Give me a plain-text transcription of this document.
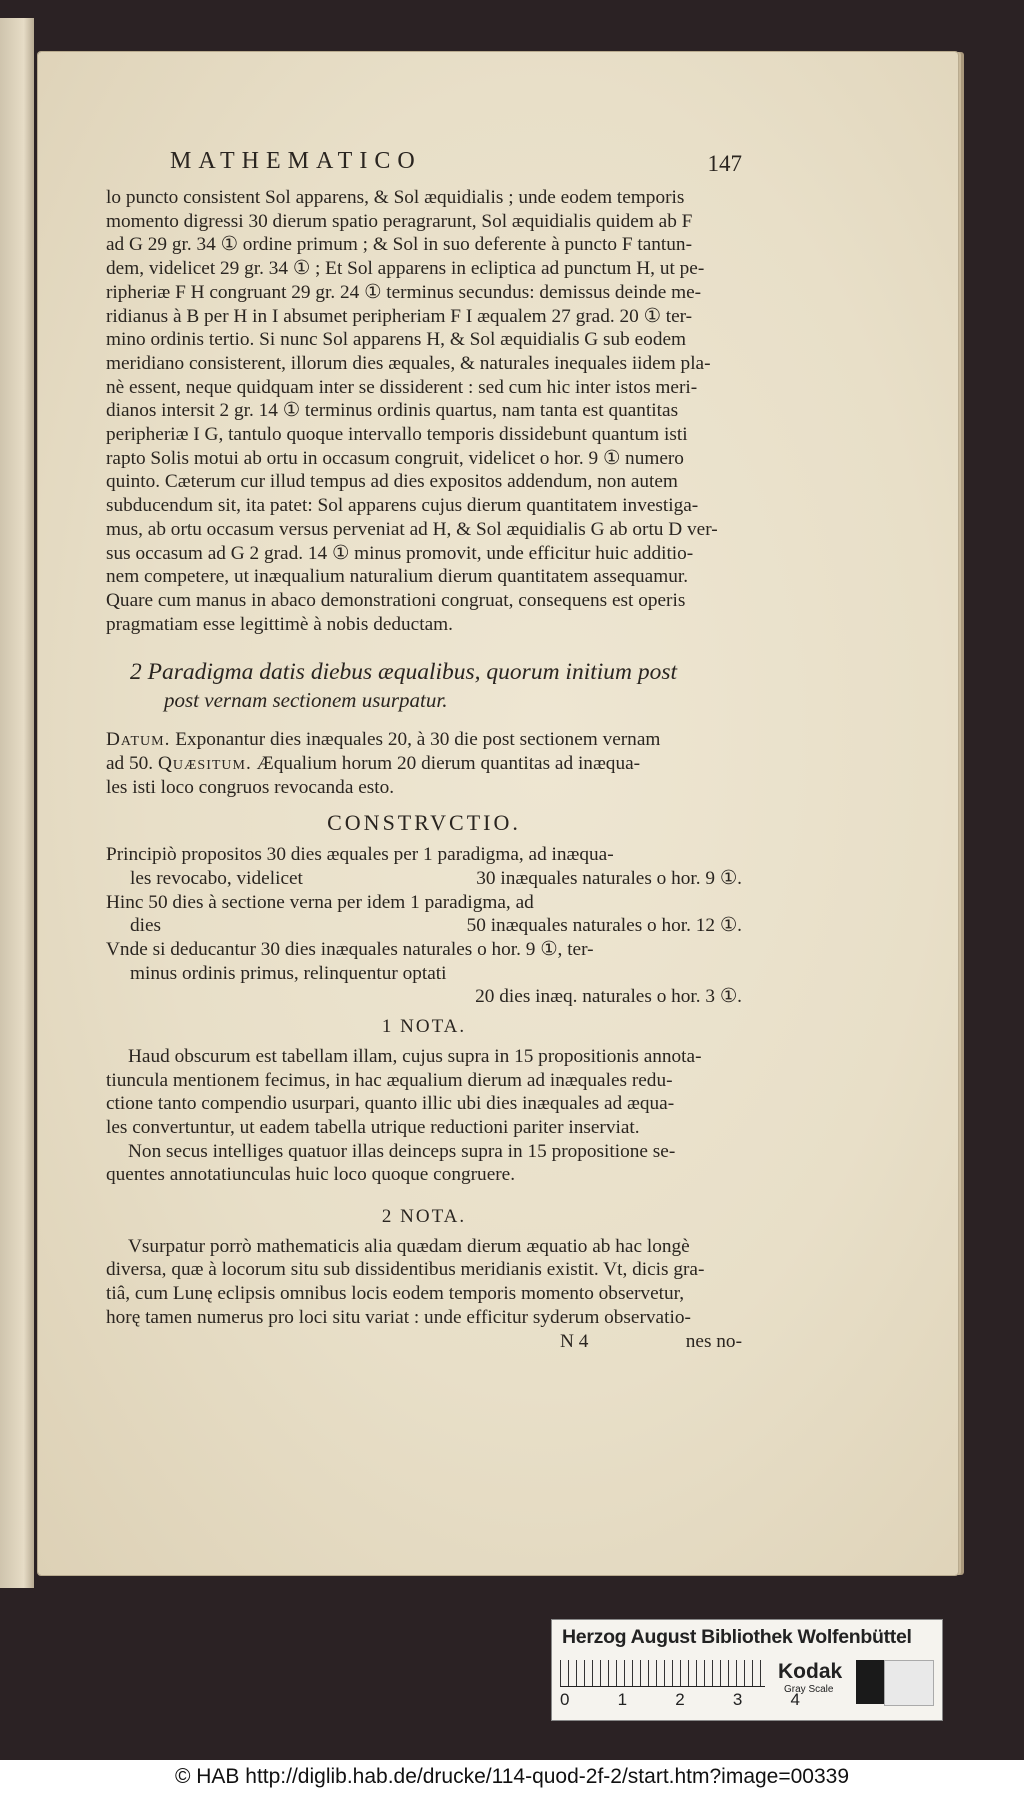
MATHEMATICO	147
lo puncto consistent Sol apparens, & Sol æquidialis ; unde eodem temporis
momento digressi 30 dierum spatio peragrarunt, Sol æquidialis quidem ab F
ad G 29 gr. 34 ① ordine primum ; & Sol in suo deferente à puncto F tantun-
dem, videlicet 29 gr. 34 ① ; Et Sol apparens in ecliptica ad punctum H, ut pe-
ripheriæ F H congruant 29 gr. 24 ① terminus secundus: demissus deinde me-
ridianus à B per H in I absumet peripheriam F I æqualem 27 grad. 20 ① ter-
mino ordinis tertio. Si nunc Sol apparens H, & Sol æquidialis G sub eodem
meridiano consisterent, illorum dies æquales, & naturales inequales iidem pla-
nè essent, neque quidquam inter se dissiderent : sed cum hic inter istos meri-
dianos intersit 2 gr. 14 ① terminus ordinis quartus, nam tanta est quantitas
peripheriæ I G, tantulo quoque intervallo temporis dissidebunt quantum isti
rapto Solis motui ab ortu in occasum congruit, videlicet o hor. 9 ① numero
quinto. Cæterum cur illud tempus ad dies expositos addendum, non autem
subducendum sit, ita patet: Sol apparens cujus dierum quantitatem investiga-
mus, ab ortu occasum versus perveniat ad H, & Sol æquidialis G ab ortu D ver-
sus occasum ad G 2 grad. 14 ① minus promovit, unde efficitur huic additio-
nem competere, ut inæqualium naturalium dierum quantitatem assequamur.
Quare cum manus in abaco demonstrationi congruat, consequens est operis
pragmatiam esse legittimè à nobis deductam.
2 Paradigma datis diebus æqualibus, quorum initium post
post vernam sectionem usurpatur.
Datum. Exponantur dies inæquales 20, à 30 die post sectionem vernam
ad 50. Quæsitum. Æqualium horum 20 dierum quantitas ad inæqua-
les isti loco congruos revocanda esto.
CONSTRVCTIO.
Principiò propositos 30 dies æquales per 1 paradigma, ad inæqua-
les revocabo, videlicet	30 inæquales naturales o hor. 9 ①.
Hinc 50 dies à sectione verna per idem 1 paradigma, ad
dies	50 inæquales naturales o hor. 12 ①.
Vnde si deducantur 30 dies inæquales naturales o hor. 9 ①, ter-
minus ordinis primus, relinquentur optati
20 dies inæq. naturales o hor. 3 ①.
1 NOTA.
Haud obscurum est tabellam illam, cujus supra in 15 propositionis annota-
tiuncula mentionem fecimus, in hac æqualium dierum ad inæquales redu-
ctione tanto compendio usurpari, quanto illic ubi dies inæquales ad æqua-
les convertuntur, ut eadem tabella utrique reductioni pariter inserviat.
Non secus intelliges quatuor illas deinceps supra in 15 propositione se-
quentes annotatiunculas huic loco quoque congruere.
2 NOTA.
Vsurpatur porrò mathematicis alia quædam dierum æquatio ab hac longè
diversa, quæ à locorum situ sub dissidentibus meridianis existit. Vt, dicis gra-
tiâ, cum Lunę eclipsis omnibus locis eodem temporis momento observetur,
horę tamen numerus pro loci situ variat : unde efficitur syderum observatio-
N 4	nes no-
Herzog August Bibliothek Wolfenbüttel
0	1	2	3	4
Kodak
Gray Scale
© HAB http://diglib.hab.de/drucke/114-quod-2f-2/start.htm?image=00339
